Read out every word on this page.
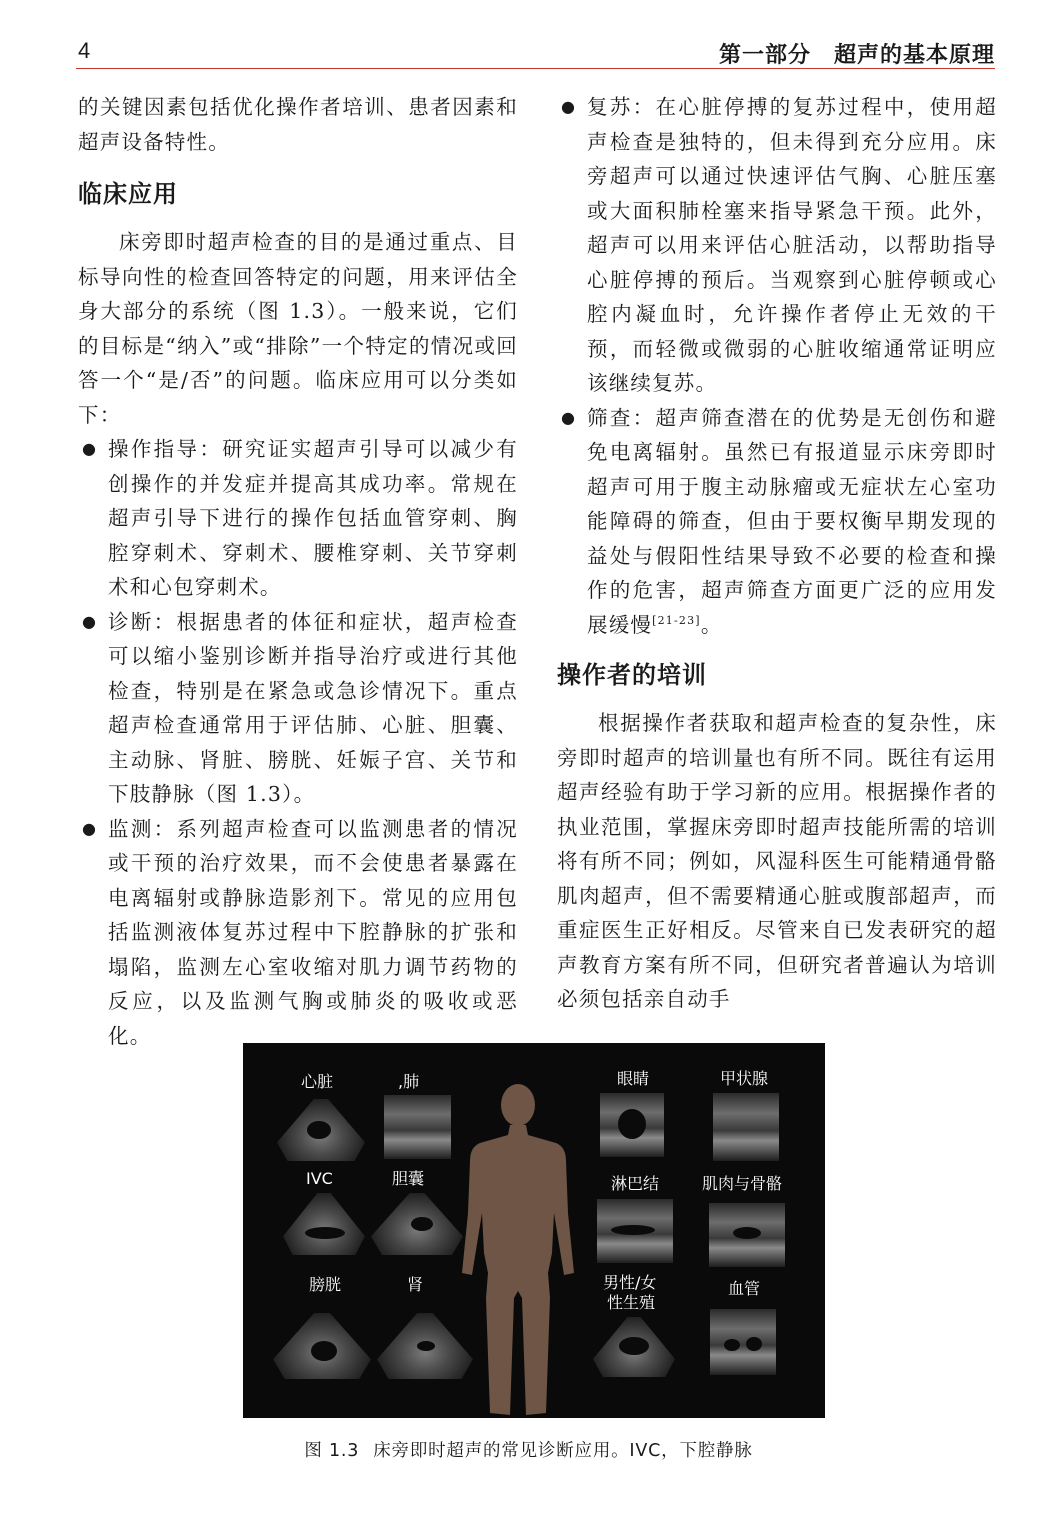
4	第一部分　超声的基本原理

的关键因素包括优化操作者培训、患者因素和超声设备特性。

临床应用

床旁即时超声检查的目的是通过重点、目标导向性的检查回答特定的问题，用来评估全身大部分的系统（图 1.3）。一般来说，它们的目标是“纳入”或“排除”一个特定的情况或回答一个“是/否”的问题。临床应用可以分类如下：

● 操作指导：研究证实超声引导可以减少有创操作的并发症并提高其成功率。常规在超声引导下进行的操作包括血管穿刺、胸腔穿刺术、穿刺术、腰椎穿刺、关节穿刺术和心包穿刺术。

● 诊断：根据患者的体征和症状，超声检查可以缩小鉴别诊断并指导治疗或进行其他检查，特别是在紧急或急诊情况下。重点超声检查通常用于评估肺、心脏、胆囊、主动脉、肾脏、膀胱、妊娠子宫、关节和下肢静脉（图 1.3）。

● 监测：系列超声检查可以监测患者的情况或干预的治疗效果，而不会使患者暴露在电离辐射或静脉造影剂下。常见的应用包括监测液体复苏过程中下腔静脉的扩张和塌陷，监测左心室收缩对肌力调节药物的反应，以及监测气胸或肺炎的吸收或恶化。

● 复苏：在心脏停搏的复苏过程中，使用超声检查是独特的，但未得到充分应用。床旁超声可以通过快速评估气胸、心脏压塞或大面积肺栓塞来指导紧急干预。此外，超声可以用来评估心脏活动，以帮助指导心脏停搏的预后。当观察到心脏停顿或心腔内凝血时，允许操作者停止无效的干预，而轻微或微弱的心脏收缩通常证明应该继续复苏。

● 筛查：超声筛查潜在的优势是无创伤和避免电离辐射。虽然已有报道显示床旁即时超声可用于腹主动脉瘤或无症状左心室功能障碍的筛查，但由于要权衡早期发现的益处与假阳性结果导致不必要的检查和操作的危害，超声筛查方面更广泛的应用发展缓慢[21-23]。

操作者的培训

根据操作者获取和超声检查的复杂性，床旁即时超声的培训量也有所不同。既往有运用超声经验有助于学习新的应用。根据操作者的执业范围，掌握床旁即时超声技能所需的培训将有所不同；例如，风湿科医生可能精通骨骼肌肉超声，但不需要精通心脏或腹部超声，而重症医生正好相反。尽管来自已发表研究的超声教育方案有所不同，但研究者普遍认为培训必须包括亲自动手

心脏	,肺
IVC	胆囊
膀胱	肾
眼睛	甲状腺
淋巴结	肌肉与骨骼
男性/女
性生殖
血管
图 1.3 床旁即时超声的常见诊断应用。IVC，下腔静脉
